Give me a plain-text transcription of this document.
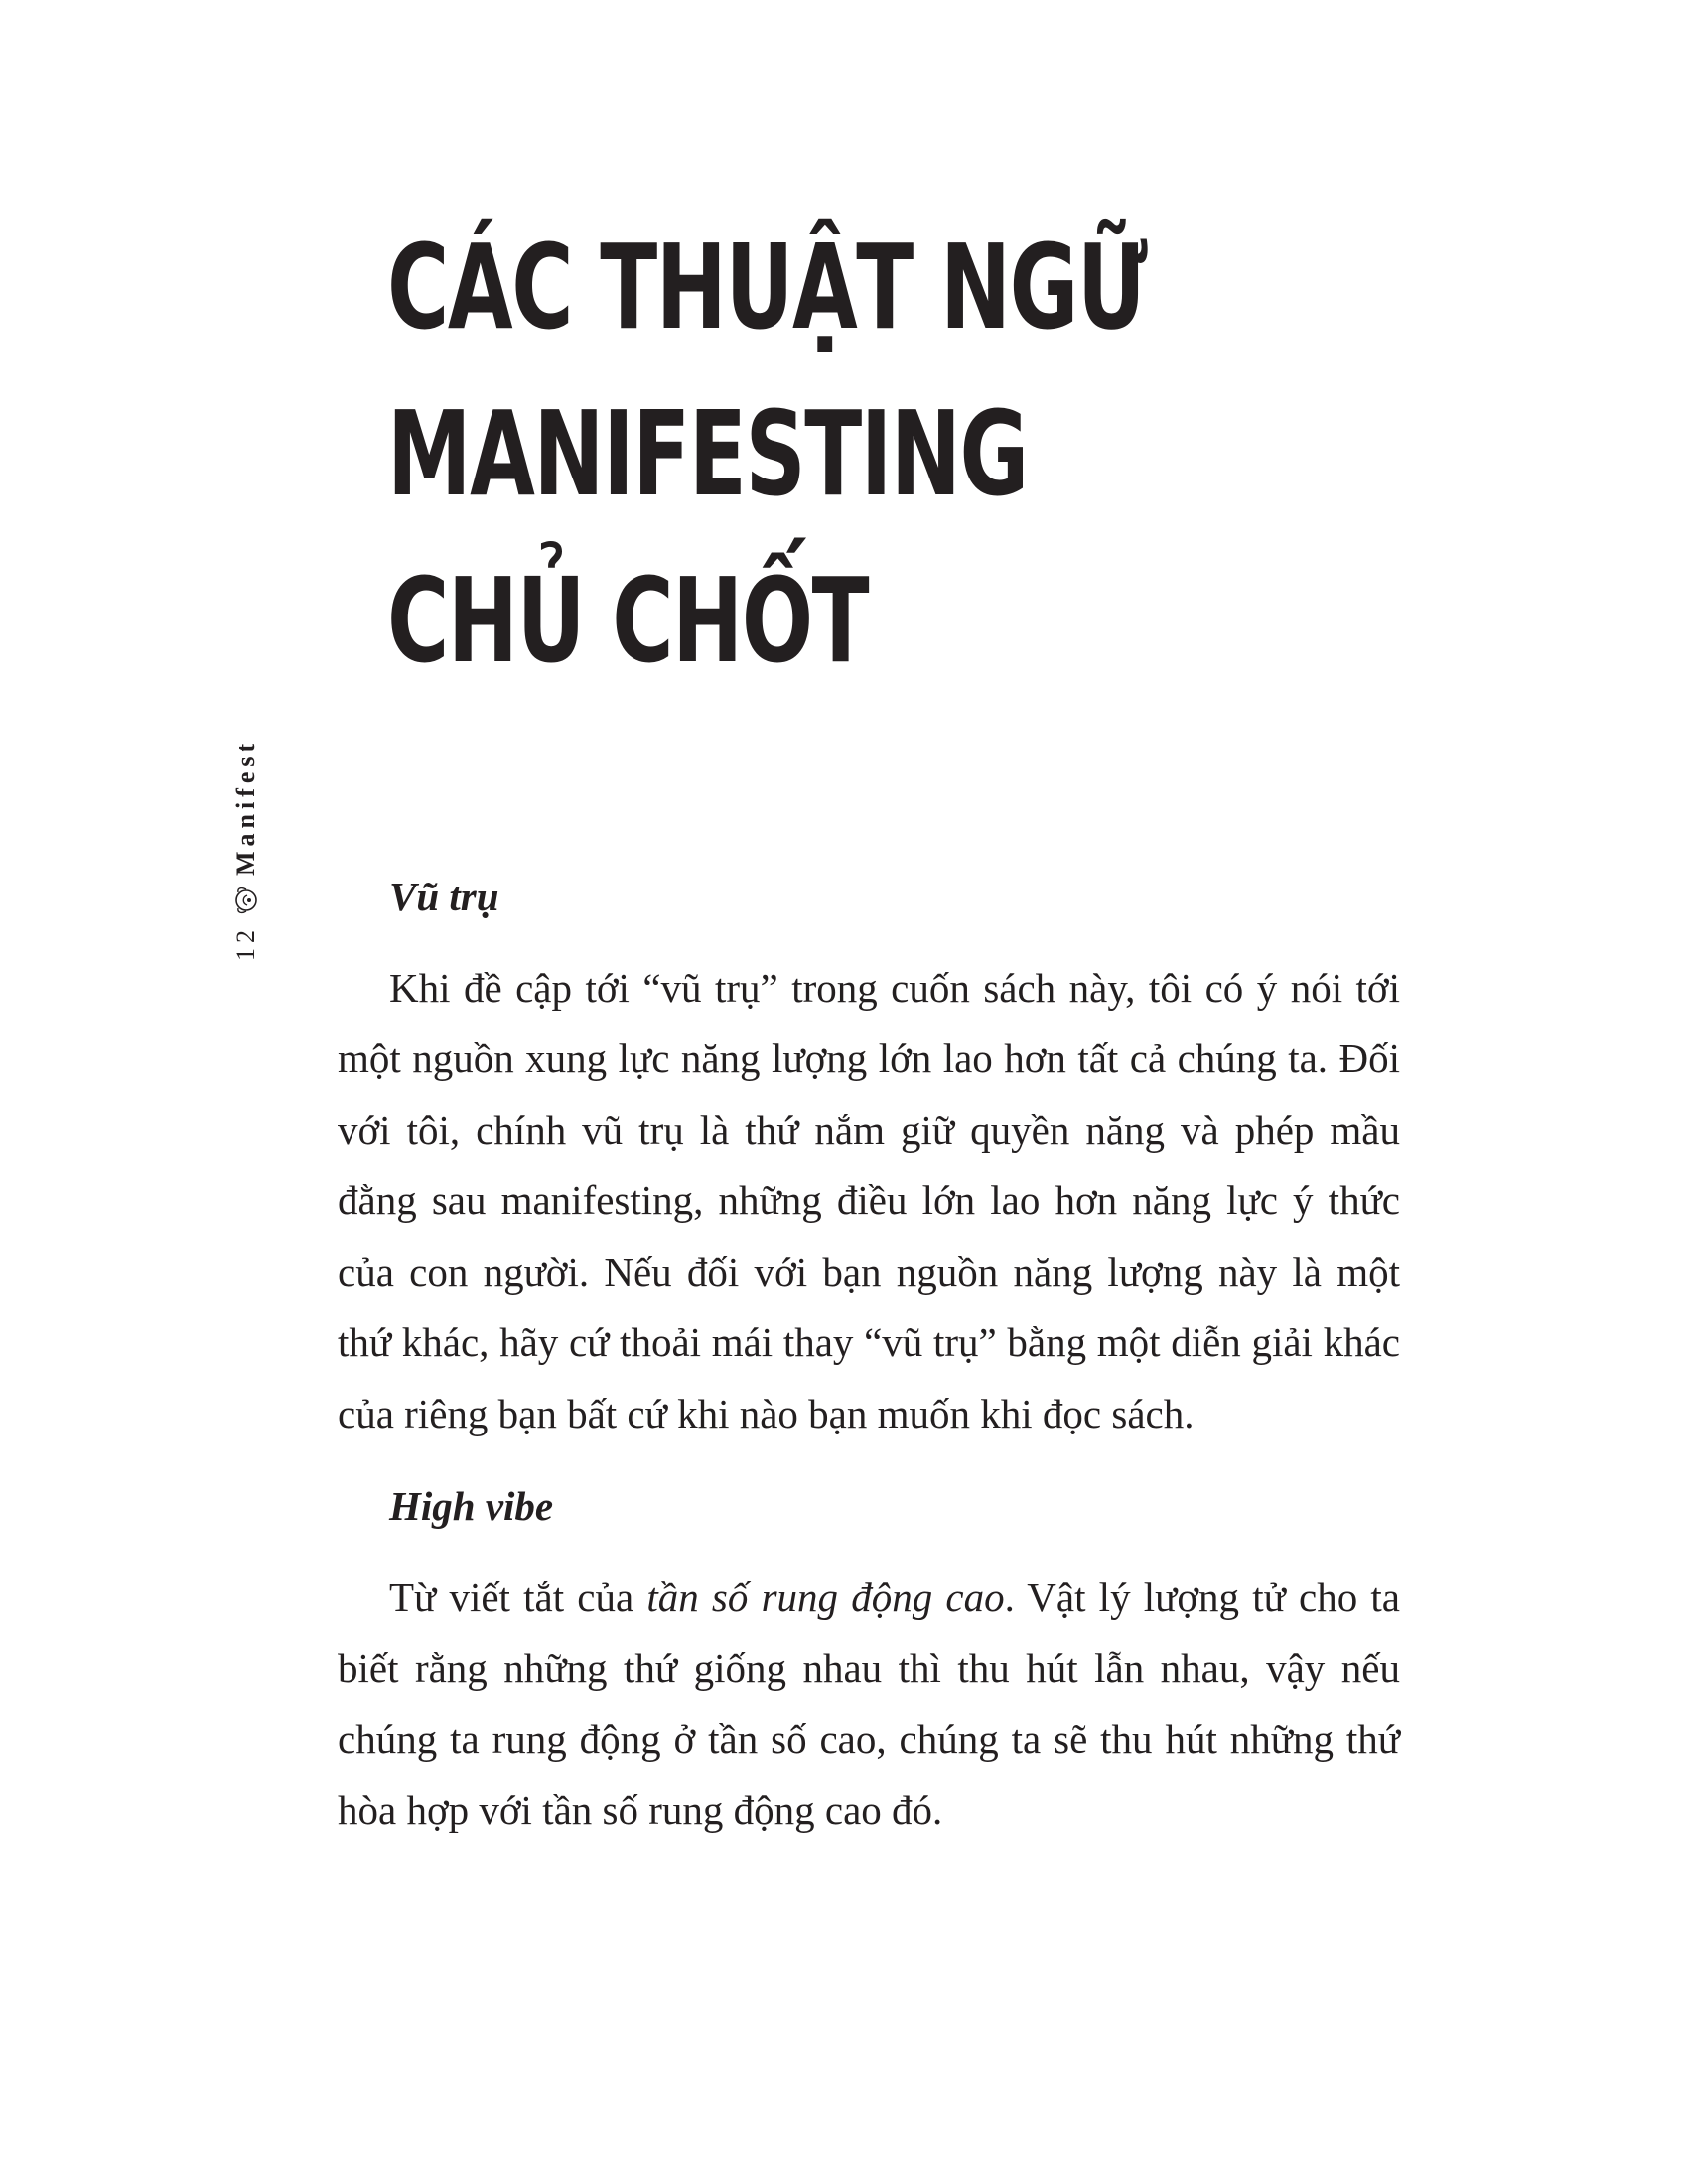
CÁC THUẬT NGỮ
MANIFESTING
CHỦ CHỐT
12
Manifest
Vũ trụ

Khi đề cập tới “vũ trụ” trong cuốn sách này, tôi có ý nói tới một nguồn xung lực năng lượng lớn lao hơn tất cả chúng ta. Đối với tôi, chính vũ trụ là thứ nắm giữ quyền năng và phép mầu đằng sau manifesting, những điều lớn lao hơn năng lực ý thức của con người. Nếu đối với bạn nguồn năng lượng này là một thứ khác, hãy cứ thoải mái thay “vũ trụ” bằng một diễn giải khác của riêng bạn bất cứ khi nào bạn muốn khi đọc sách.

High vibe

Từ viết tắt của tần số rung động cao. Vật lý lượng tử cho ta biết rằng những thứ giống nhau thì thu hút lẫn nhau, vậy nếu chúng ta rung động ở tần số cao, chúng ta sẽ thu hút những thứ hòa hợp với tần số rung động cao đó.
